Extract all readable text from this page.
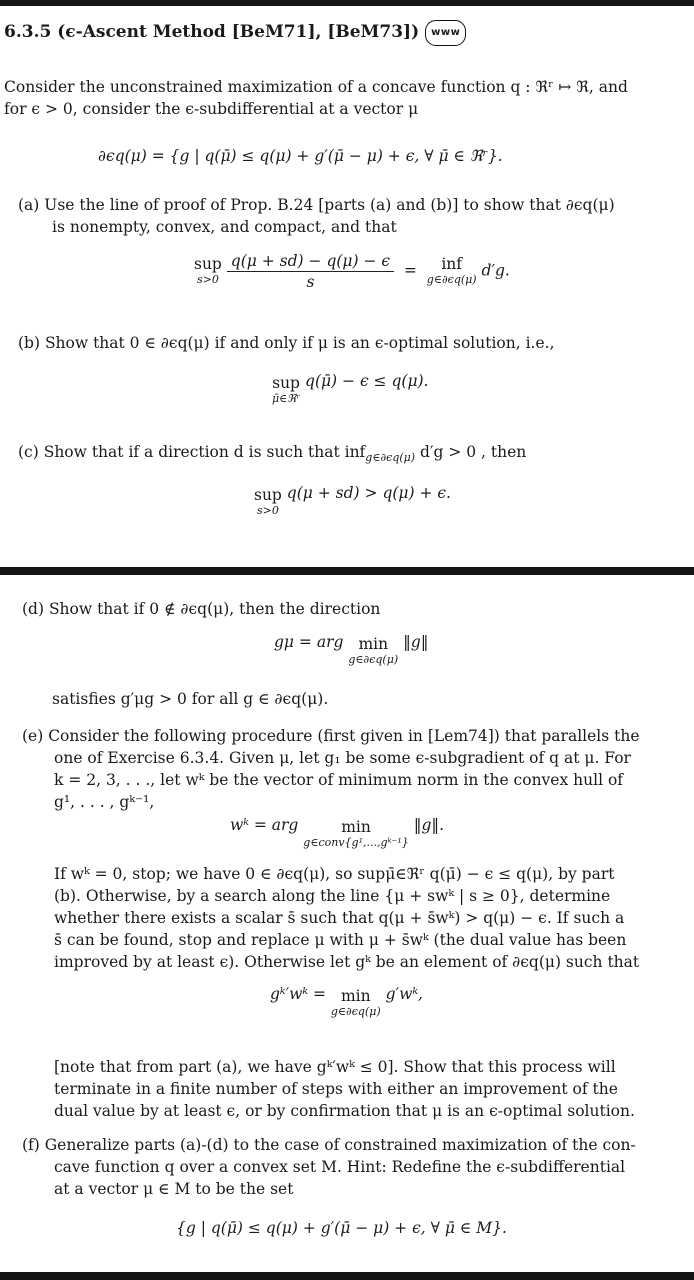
6.3.5 (ϵ-Ascent Method [BeM71], [BeM73]) www
Consider the unconstrained maximization of a concave function q : ℜʳ ↦ ℜ, and
for ϵ > 0, consider the ϵ-subdifferential at a vector μ
∂ϵq(μ) = {g | q(μ̄) ≤ q(μ) + g′(μ̄ − μ) + ϵ, ∀ μ̄ ∈ ℜʳ}.
(a) Use the line of proof of Prop. B.24 [parts (a) and (b)] to show that ∂ϵq(μ)
is nonempty, convex, and compact, and that
sup
s>0
$\frac{q(\mu + sd) - q(\mu) - \epsilon}{s}$ = inf
g∈∂ϵq(μ) d′g.
(b) Show that 0 ∈ ∂ϵq(μ) if and only if μ is an ϵ-optimal solution, i.e.,
sup
μ̄∈ℜʳ
q(μ̄) − ϵ ≤ q(μ).
(c) Show that if a direction d is such that inf$_{g\in\partial\epsilon q(\mu)}$ d′g > 0 , then
sup
s>0
q(μ + sd) > q(μ) + ϵ.
(d) Show that if 0 ∉ ∂ϵq(μ), then the direction
gμ = arg min
g∈∂ϵq(μ)
‖g‖
satisfies g′μg > 0 for all g ∈ ∂ϵq(μ).
(e) Consider the following procedure (first given in [Lem74]) that parallels the
one of Exercise 6.3.4. Given μ, let g₁ be some ϵ-subgradient of q at μ. For
k = 2, 3, . . ., let wᵏ be the vector of minimum norm in the convex hull of
g¹, . . . , gᵏ⁻¹,
wᵏ = arg	min
g∈conv{g¹,...,gᵏ⁻¹}
‖g‖.
If wᵏ = 0, stop; we have 0 ∈ ∂ϵq(μ), so supμ̄∈ℜʳ q(μ̄) − ϵ ≤ q(μ), by part
(b). Otherwise, by a search along the line {μ + swᵏ | s ≥ 0}, determine
whether there exists a scalar s̄ such that q(μ + s̄wᵏ) > q(μ) − ϵ. If such a
s̄ can be found, stop and replace μ with μ + s̄wᵏ (the dual value has been
improved by at least ϵ). Otherwise let gᵏ be an element of ∂ϵq(μ) such that
gᵏ′wᵏ = min
g∈∂ϵq(μ)
g′wᵏ,
[note that from part (a), we have gᵏ′wᵏ ≤ 0]. Show that this process will
terminate in a finite number of steps with either an improvement of the
dual value by at least ϵ, or by confirmation that μ is an ϵ-optimal solution.
(f) Generalize parts (a)-(d) to the case of constrained maximization of the con-
cave function q over a convex set M. Hint: Redefine the ϵ-subdifferential
at a vector μ ∈ M to be the set
{g | q(μ̄) ≤ q(μ) + g′(μ̄ − μ) + ϵ, ∀ μ̄ ∈ M}.
